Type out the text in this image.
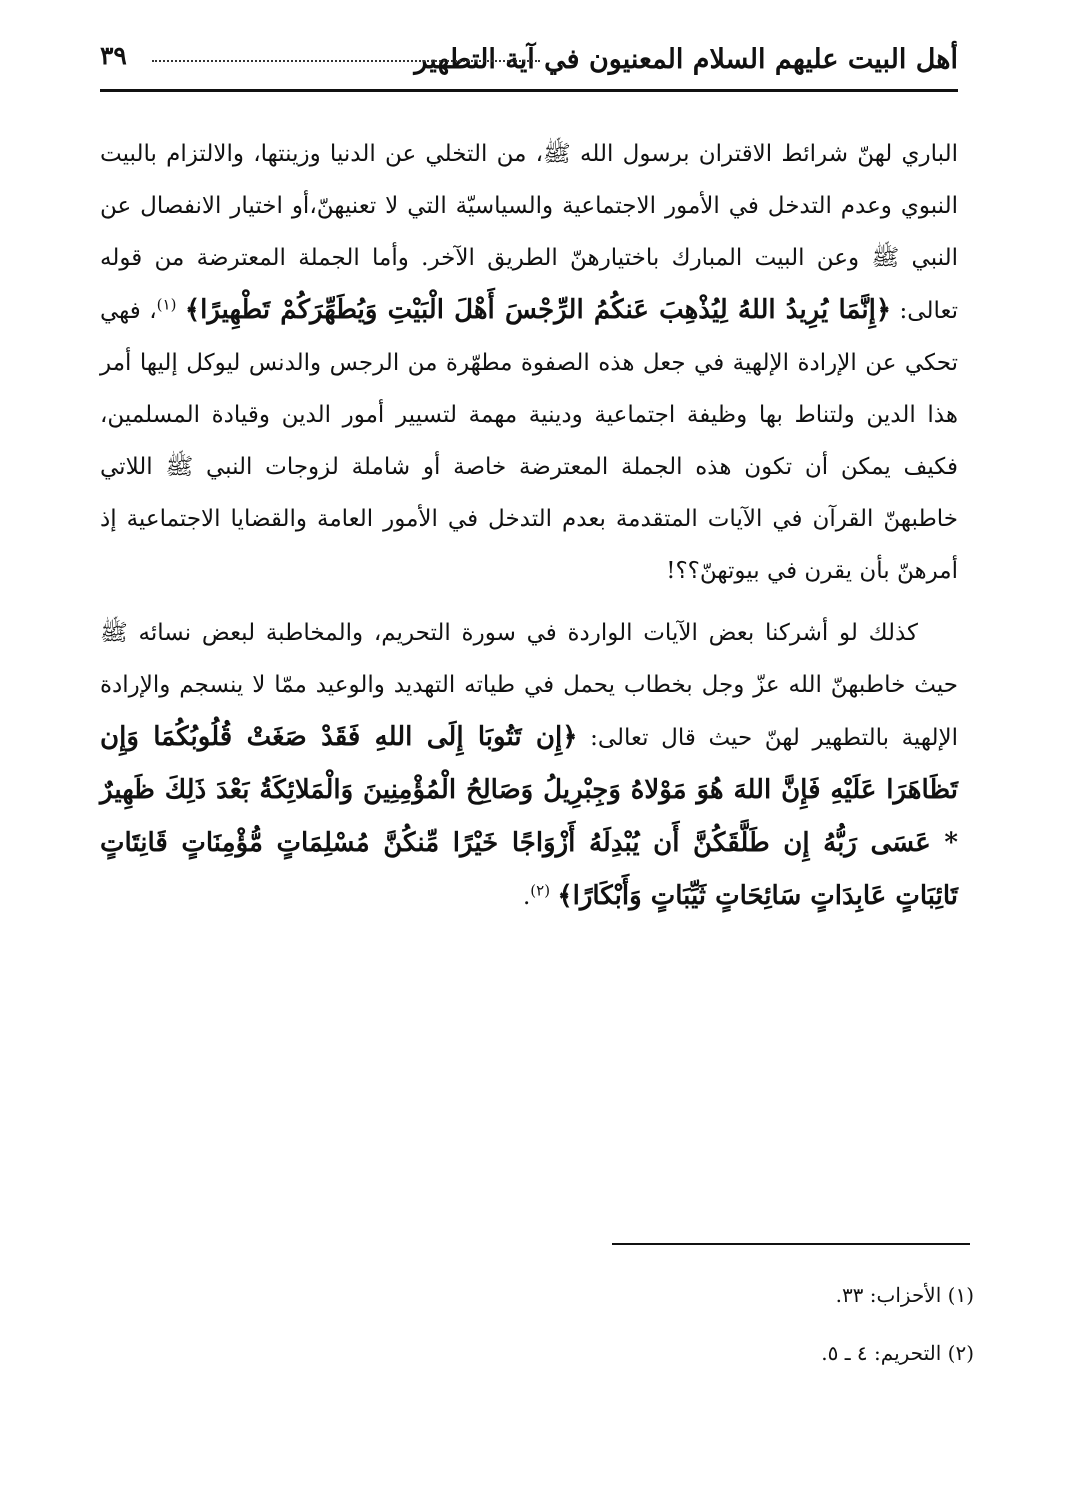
أهل البيت عليهم السلام المعنيون في آية التطهير
٣٩

الباري لهنّ شرائط الاقتران برسول الله ﷺ، من التخلي عن الدنيا وزينتها، والالتزام بالبيت النبوي وعدم التدخل في الأمور الاجتماعية والسياسيّة التي لا تعنيهنّ،أو اختيار الانفصال عن النبي ﷺ وعن البيت المبارك باختيارهنّ الطريق الآخر. وأما الجملة المعترضة من قوله تعالى: ﴿إِنَّمَا يُرِيدُ اللهُ لِيُذْهِبَ عَنكُمُ الرِّجْسَ أَهْلَ الْبَيْتِ وَيُطَهِّرَكُمْ تَطْهِيرًا﴾ $^{(١)}$، فهي تحكي عن الإرادة الإلهية في جعل هذه الصفوة مطهّرة من الرجس والدنس ليوكل إليها أمر هذا الدين ولتناط بها وظيفة اجتماعية ودينية مهمة لتسيير أمور الدين وقيادة المسلمين، فكيف يمكن أن تكون هذه الجملة المعترضة خاصة أو شاملة لزوجات النبي ﷺ اللاتي خاطبهنّ القرآن في الآيات المتقدمة بعدم التدخل في الأمور العامة والقضايا الاجتماعية إذ أمرهنّ بأن يقرن في بيوتهنّ؟؟!

كذلك لو أشركنا بعض الآيات الواردة في سورة التحريم، والمخاطبة لبعض نسائه ﷺ حيث خاطبهنّ الله عزّ وجل بخطاب يحمل في طياته التهديد والوعيد ممّا لا ينسجم والإرادة الإلهية بالتطهير لهنّ حيث قال تعالى: ﴿إِن تَتُوبَا إِلَى اللهِ فَقَدْ صَغَتْ قُلُوبُكُمَا وَإِن تَظَاهَرَا عَلَيْهِ فَإِنَّ اللهَ هُوَ مَوْلاهُ وَجِبْرِيلُ وَصَالِحُ الْمُؤْمِنِينَ وَالْمَلائِكَةُ بَعْدَ ذَلِكَ ظَهِيرٌ * عَسَى رَبُّهُ إِن طَلَّقَكُنَّ أَن يُبْدِلَهُ أَزْوَاجًا خَيْرًا مِّنكُنَّ مُسْلِمَاتٍ مُّؤْمِنَاتٍ قَانِتَاتٍ تَائِبَاتٍ عَابِدَاتٍ سَائِحَاتٍ ثَيِّبَاتٍ وَأَبْكَارًا﴾ $^{(٢)}$.

(١) الأحزاب: ٣٣.

(٢) التحريم: ٤ ـ ٥.
